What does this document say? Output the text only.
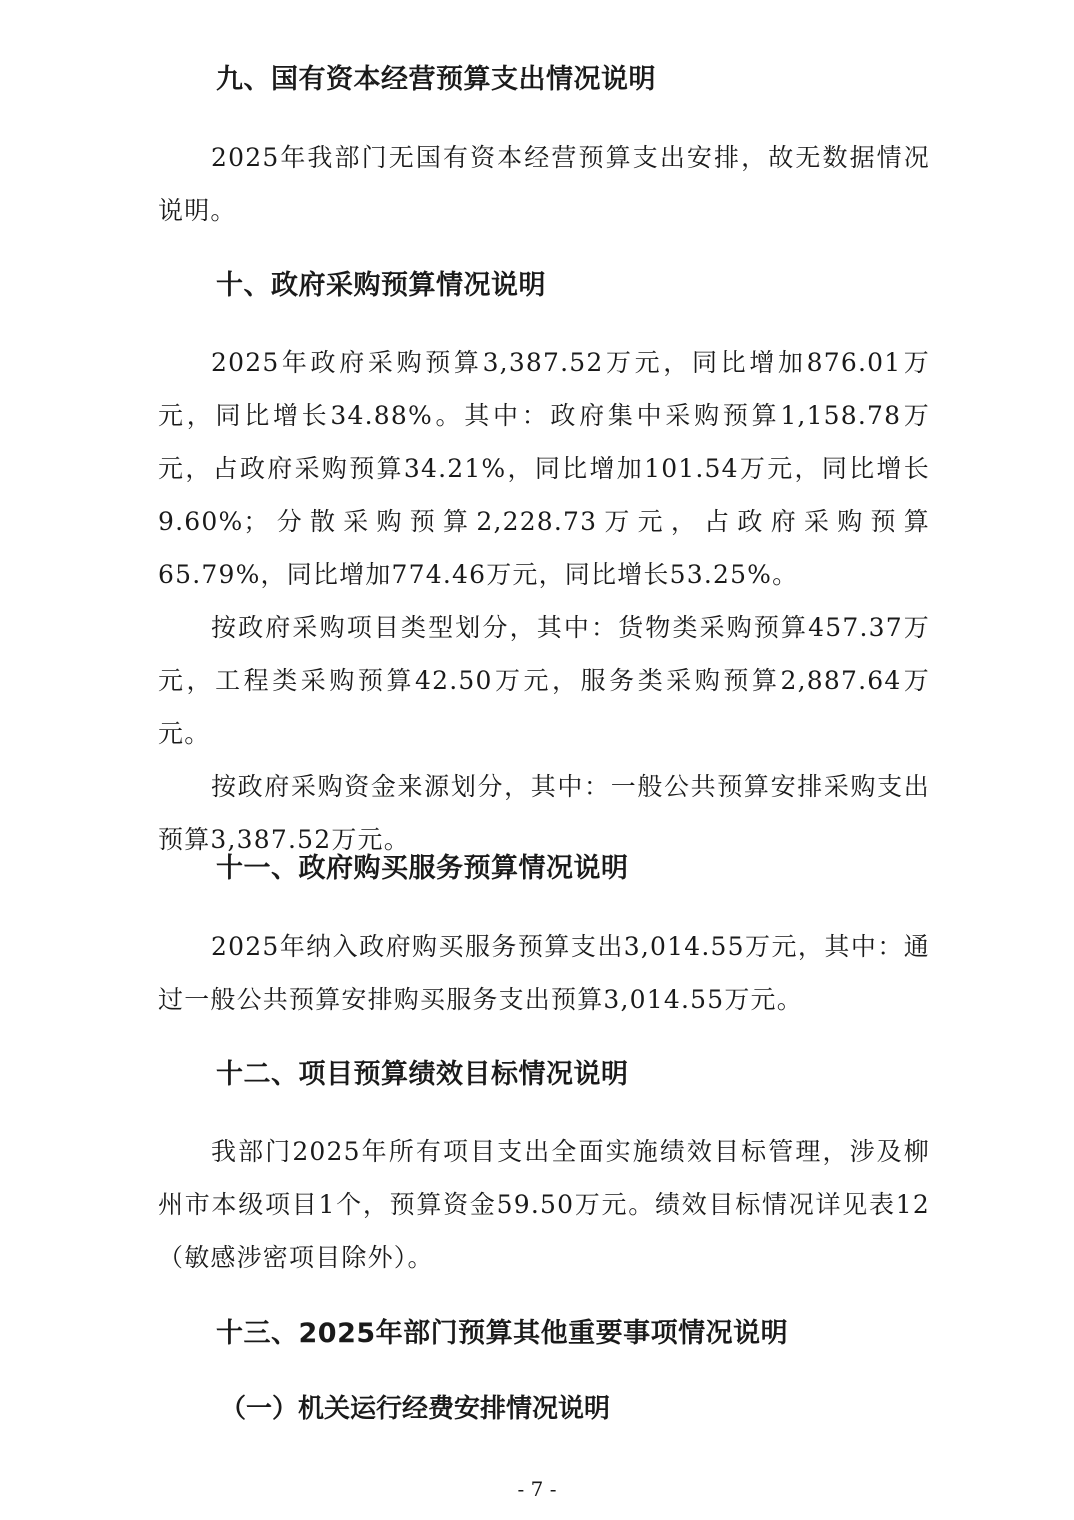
九、国有资本经营预算支出情况说明

2025年我部门无国有资本经营预算支出安排，故无数据情况说明。

十、政府采购预算情况说明

2025年政府采购预算3,387.52万元，同比增加876.01万元，同比增长34.88%。其中：政府集中采购预算1,158.78万元，占政府采购预算34.21%，同比增加101.54万元，同比增长9.60%；分散采购预算2,228.73万元，占政府采购预算65.79%，同比增加774.46万元，同比增长53.25%。

按政府采购项目类型划分，其中：货物类采购预算457.37万元，工程类采购预算42.50万元，服务类采购预算2,887.64万元。

按政府采购资金来源划分，其中：一般公共预算安排采购支出预算3,387.52万元。

十一、政府购买服务预算情况说明

2025年纳入政府购买服务预算支出3,014.55万元，其中：通过一般公共预算安排购买服务支出预算3,014.55万元。

十二、项目预算绩效目标情况说明

我部门2025年所有项目支出全面实施绩效目标管理，涉及柳州市本级项目1个，预算资金59.50万元。绩效目标情况详见表12（敏感涉密项目除外）。

十三、2025年部门预算其他重要事项情况说明
（一）机关运行经费安排情况说明
- 7 -
